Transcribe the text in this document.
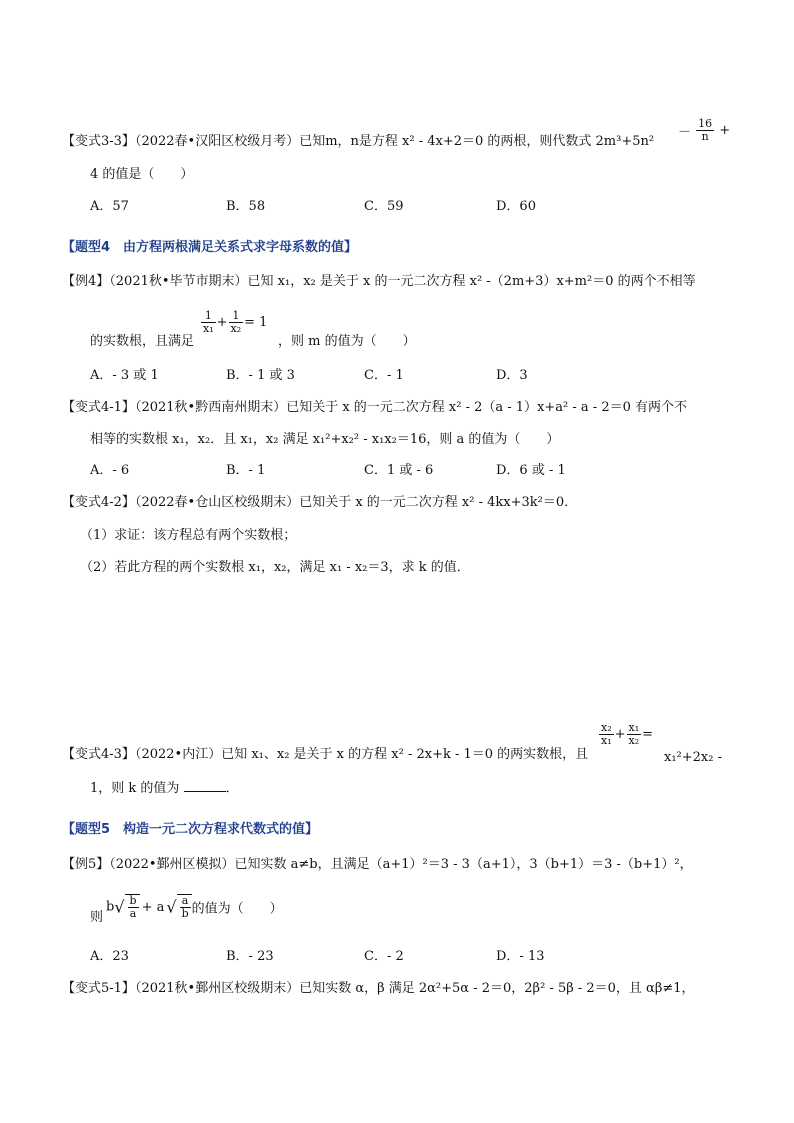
－ $\frac{16}{n}$ +
【变式3-3】（2022春•汉阳区校级月考）已知m，n是方程 x² - 4x+2＝0 的两根，则代数式 2m³+5n²
4 的值是（　　）
A．57	B．58	C．59	D．60
【题型4　由方程两根满足关系式求字母系数的值】
【例4】（2021秋•毕节市期末）已知 x₁，x₂ 是关于 x 的一元二次方程 x² -（2m+3）x+m²＝0 的两个不相等
$\frac{1}{\text{x₁}} + \frac{1}{\text{x₂}} = 1$
的实数根，且满足	，则 m 的值为（　　）
A．- 3 或 1	B．- 1 或 3	C．- 1	D．3
【变式4-1】（2021秋•黔西南州期末）已知关于 x 的一元二次方程 x² - 2（a - 1）x+a² - a - 2＝0 有两个不
相等的实数根 x₁，x₂．且 x₁，x₂ 满足 x₁²+x₂² - x₁x₂＝16，则 a 的值为（　　）
A．- 6	B．- 1	C．1 或 - 6	D．6 或 - 1
【变式4-2】（2022春•仓山区校级期末）已知关于 x 的一元二次方程 x² - 4kx+3k²＝0．
（1）求证：该方程总有两个实数根；
（2）若此方程的两个实数根 x₁，x₂，满足 x₁ - x₂＝3，求 k 的值．
$\frac{\text{x₂}}{\text{x₁}} + \frac{\text{x₁}}{\text{x₂}}$ =
【变式4-3】（2022•内江）已知 x₁、x₂ 是关于 x 的方程 x² - 2x+k - 1＝0 的两实数根，且	x₁²+2x₂ -
1，则 k 的值为	．
【题型5　构造一元二次方程求代数式的值】
【例5】（2022•鄞州区模拟）已知实数 a≠b，且满足（a+1）²＝3 - 3（a+1），3（b+1）＝3 -（b+1）²，
则
$b√ \frac{b}{a} + a$ √ $\frac{a}{b}$ 的值为（　　）
A．23	B．- 23	C．- 2	D．- 13
【变式5-1】（2021秋•鄞州区校级期末）已知实数 α，β 满足 2α²+5α - 2＝0，2β² - 5β - 2＝0，且 αβ≠1，
